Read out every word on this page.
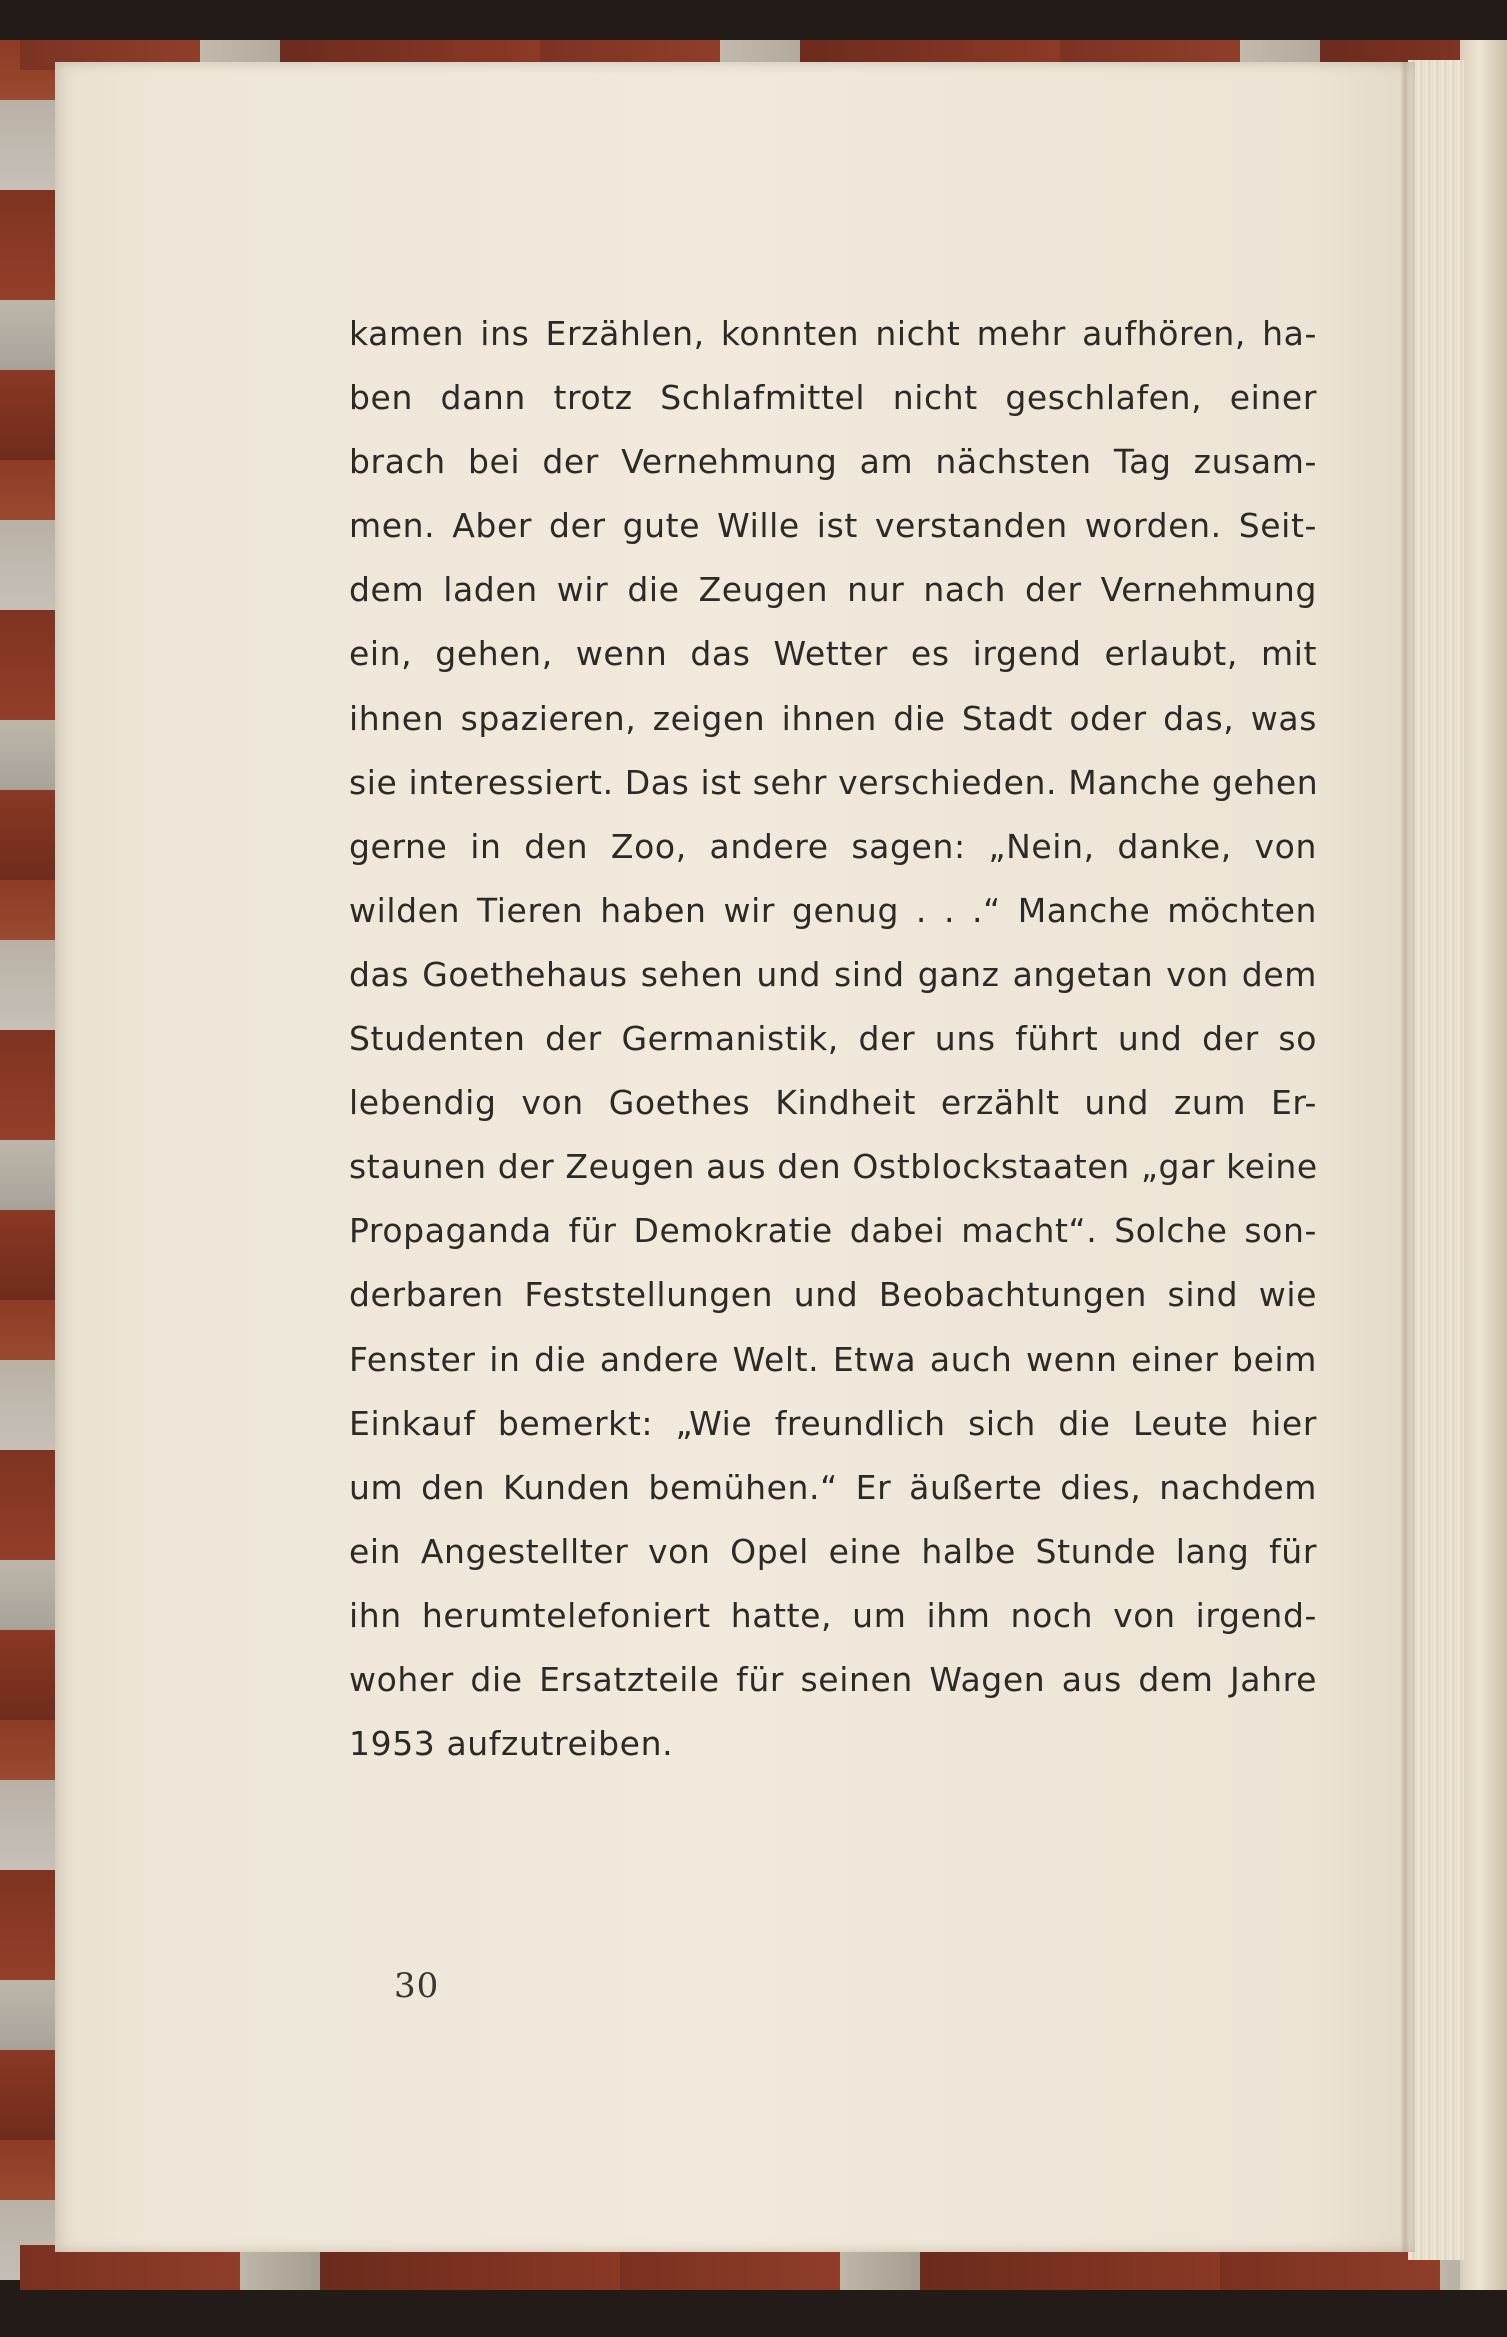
kamen ins Erzählen, konnten nicht mehr aufhören, ha-
ben dann trotz Schlafmittel nicht geschlafen, einer
brach bei der Vernehmung am nächsten Tag zusam-
men. Aber der gute Wille ist verstanden worden. Seit-
dem laden wir die Zeugen nur nach der Vernehmung
ein, gehen, wenn das Wetter es irgend erlaubt, mit
ihnen spazieren, zeigen ihnen die Stadt oder das, was
sie interessiert. Das ist sehr verschieden. Manche gehen
gerne in den Zoo, andere sagen: „Nein, danke, von
wilden Tieren haben wir genug . . .“ Manche möchten
das Goethehaus sehen und sind ganz angetan von dem
Studenten der Germanistik, der uns führt und der so
lebendig von Goethes Kindheit erzählt und zum Er-
staunen der Zeugen aus den Ostblockstaaten „gar keine
Propaganda für Demokratie dabei macht“. Solche son-
derbaren Feststellungen und Beobachtungen sind wie
Fenster in die andere Welt. Etwa auch wenn einer beim
Einkauf bemerkt: „Wie freundlich sich die Leute hier
um den Kunden bemühen.“ Er äußerte dies, nachdem
ein Angestellter von Opel eine halbe Stunde lang für
ihn herumtelefoniert hatte, um ihm noch von irgend-
woher die Ersatzteile für seinen Wagen aus dem Jahre
1953 aufzutreiben.
30
